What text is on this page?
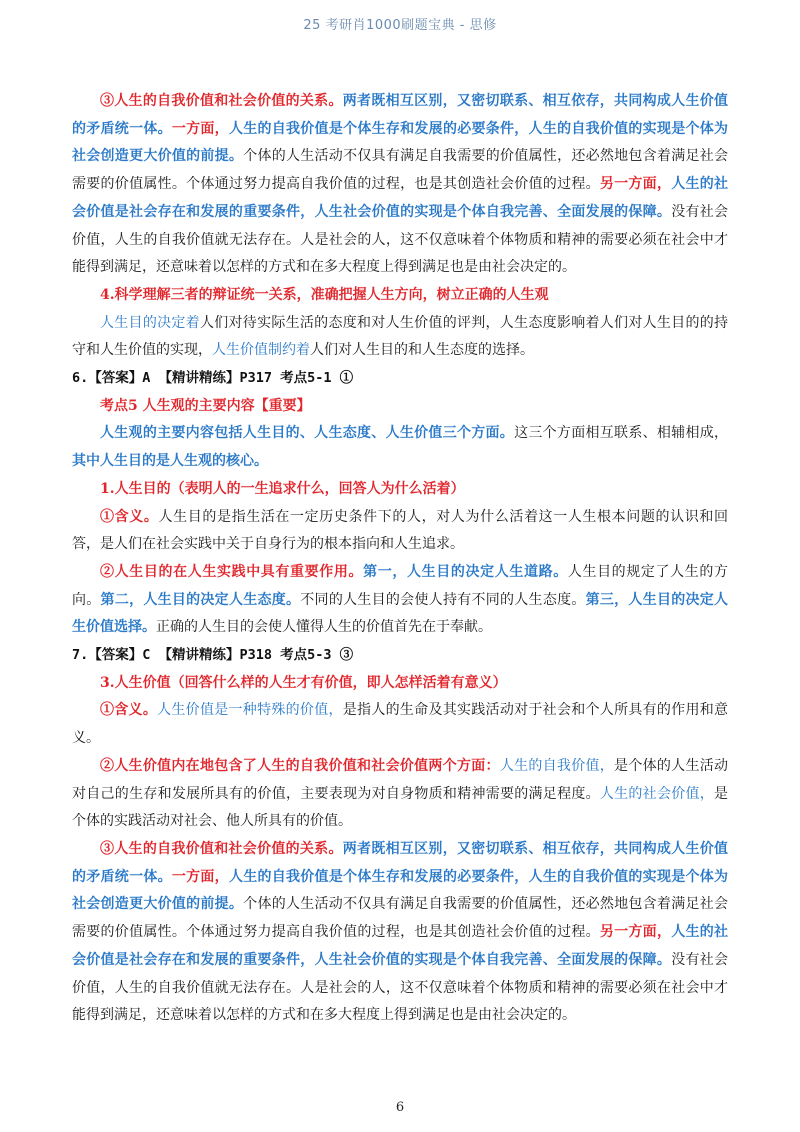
25 考研肖1000刷题宝典 - 思修

③人生的自我价值和社会价值的关系。两者既相互区别，又密切联系、相互依存，共同构成人生价值的矛盾统一体。一方面，人生的自我价值是个体生存和发展的必要条件，人生的自我价值的实现是个体为社会创造更大价值的前提。个体的人生活动不仅具有满足自我需要的价值属性，还必然地包含着满足社会需要的价值属性。个体通过努力提高自我价值的过程，也是其创造社会价值的过程。另一方面，人生的社会价值是社会存在和发展的重要条件，人生社会价值的实现是个体自我完善、全面发展的保障。没有社会价值，人生的自我价值就无法存在。人是社会的人，这不仅意味着个体物质和精神的需要必须在社会中才能得到满足，还意味着以怎样的方式和在多大程度上得到满足也是由社会决定的。

4.科学理解三者的辩证统一关系，准确把握人生方向，树立正确的人生观

人生目的决定着人们对待实际生活的态度和对人生价值的评判，人生态度影响着人们对人生目的的持守和人生价值的实现，人生价值制约着人们对人生目的和人生态度的选择。

6.【答案】A 【精讲精练】P317 考点5-1 ①

考点5 人生观的主要内容【重要】

人生观的主要内容包括人生目的、人生态度、人生价值三个方面。这三个方面相互联系、相辅相成，其中人生目的是人生观的核心。

1.人生目的（表明人的一生追求什么，回答人为什么活着）

①含义。人生目的是指生活在一定历史条件下的人，对人为什么活着这一人生根本问题的认识和回答，是人们在社会实践中关于自身行为的根本指向和人生追求。

②人生目的在人生实践中具有重要作用。第一，人生目的决定人生道路。人生目的规定了人生的方向。第二，人生目的决定人生态度。不同的人生目的会使人持有不同的人生态度。第三，人生目的决定人生价值选择。正确的人生目的会使人懂得人生的价值首先在于奉献。

7.【答案】C 【精讲精练】P318 考点5-3 ③

3.人生价值（回答什么样的人生才有价值，即人怎样活着有意义）

①含义。人生价值是一种特殊的价值，是指人的生命及其实践活动对于社会和个人所具有的作用和意义。

②人生价值内在地包含了人生的自我价值和社会价值两个方面：人生的自我价值，是个体的人生活动对自己的生存和发展所具有的价值，主要表现为对自身物质和精神需要的满足程度。人生的社会价值，是个体的实践活动对社会、他人所具有的价值。

③人生的自我价值和社会价值的关系。两者既相互区别，又密切联系、相互依存，共同构成人生价值的矛盾统一体。一方面，人生的自我价值是个体生存和发展的必要条件，人生的自我价值的实现是个体为社会创造更大价值的前提。个体的人生活动不仅具有满足自我需要的价值属性，还必然地包含着满足社会需要的价值属性。个体通过努力提高自我价值的过程，也是其创造社会价值的过程。另一方面，人生的社会价值是社会存在和发展的重要条件，人生社会价值的实现是个体自我完善、全面发展的保障。没有社会价值，人生的自我价值就无法存在。人是社会的人，这不仅意味着个体物质和精神的需要必须在社会中才能得到满足，还意味着以怎样的方式和在多大程度上得到满足也是由社会决定的。

6
